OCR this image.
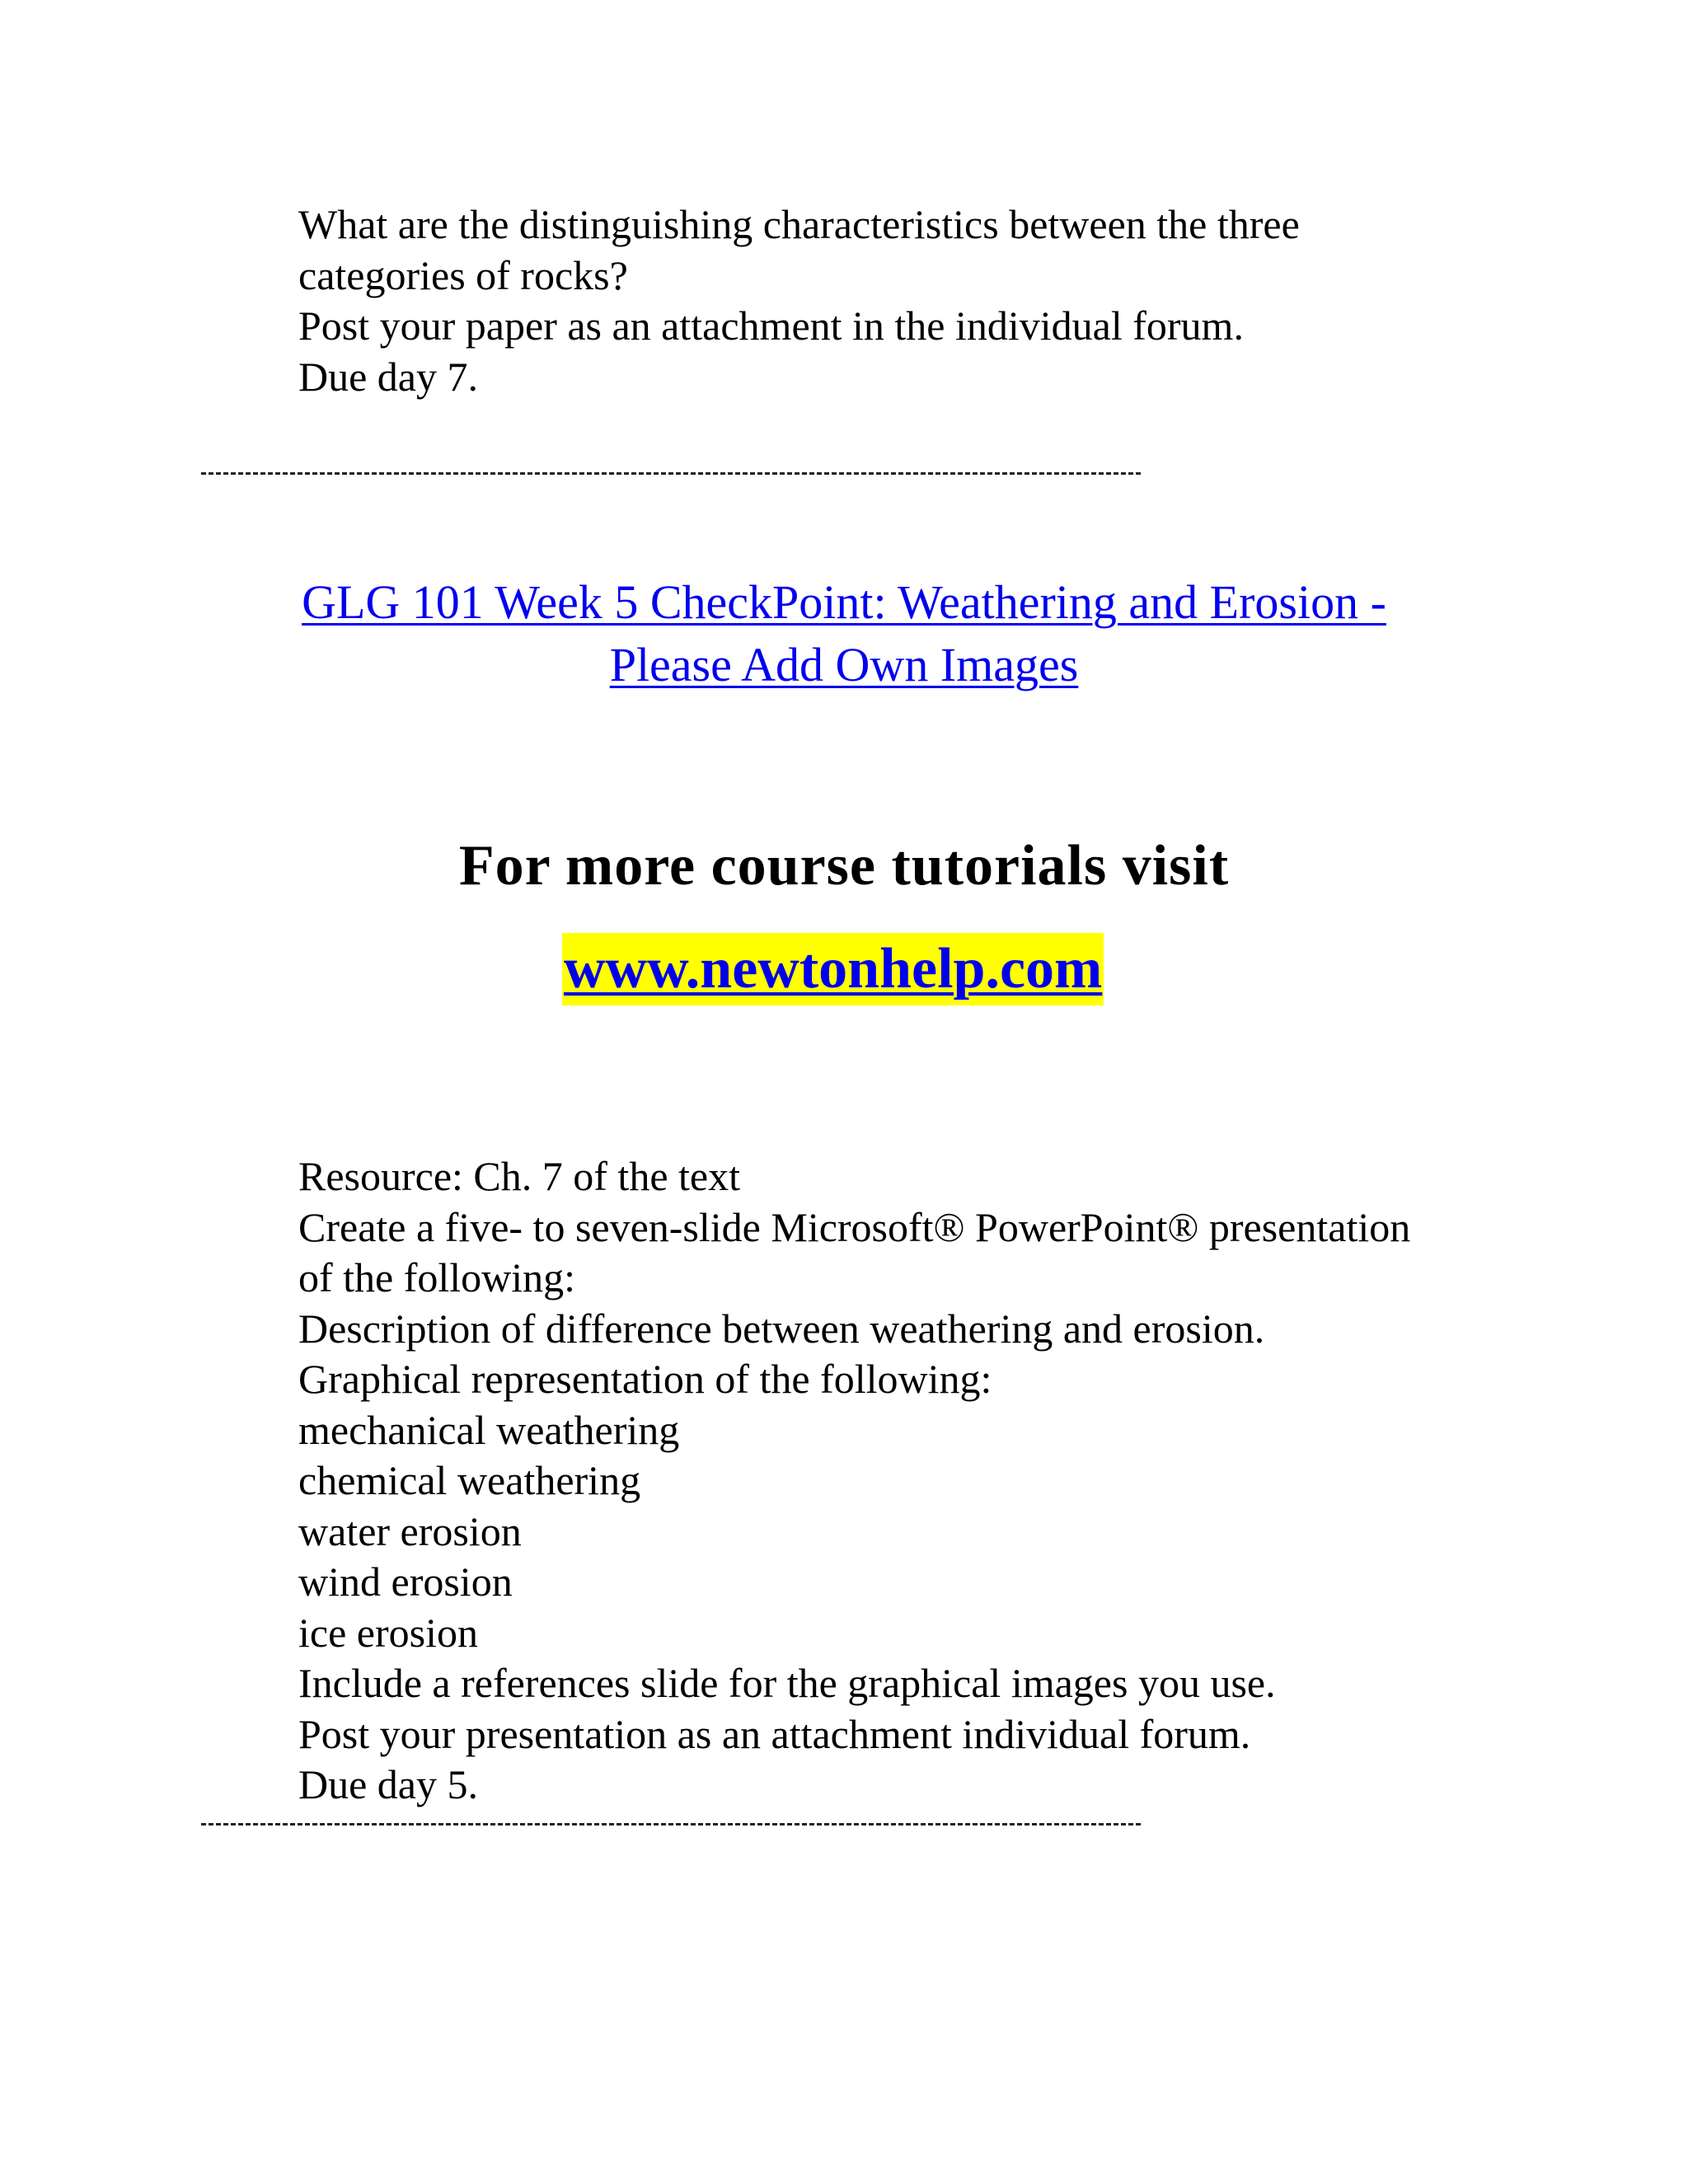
What are the distinguishing characteristics between the three
categories of rocks?
Post your paper as an attachment in the individual forum.
Due day 7.
GLG 101 Week 5 CheckPoint: Weathering and Erosion -
Please Add Own Images
For more course tutorials visit
www.newtonhelp.com
Resource: Ch. 7 of the text
Create a five- to seven-slide Microsoft® PowerPoint® presentation
of the following:
Description of difference between weathering and erosion.
Graphical representation of the following:
mechanical weathering
chemical weathering
water erosion
wind erosion
ice erosion
Include a references slide for the graphical images you use.
Post your presentation as an attachment individual forum.
Due day 5.
